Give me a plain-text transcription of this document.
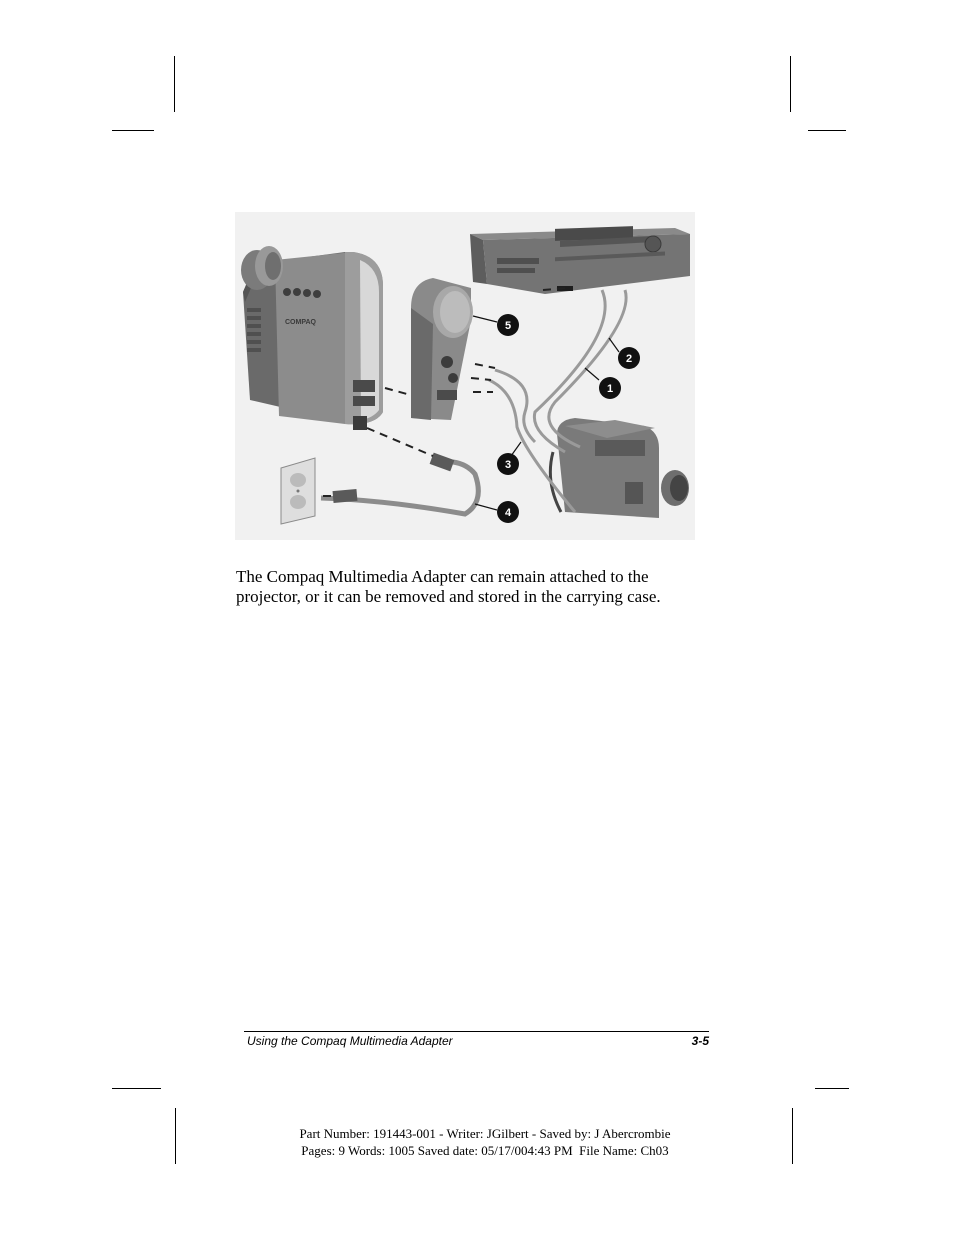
COMPAQ
1
2
3
4
5

The Compaq Multimedia Adapter can remain attached to the projector, or it can be removed and stored in the carrying case.

Using the Compaq Multimedia Adapter	3-5
Part Number: 191443-001 - Writer: JGilbert - Saved by: J Abercrombie
Pages: 9 Words: 1005 Saved date: 05/17/004:43 PM  File Name: Ch03
